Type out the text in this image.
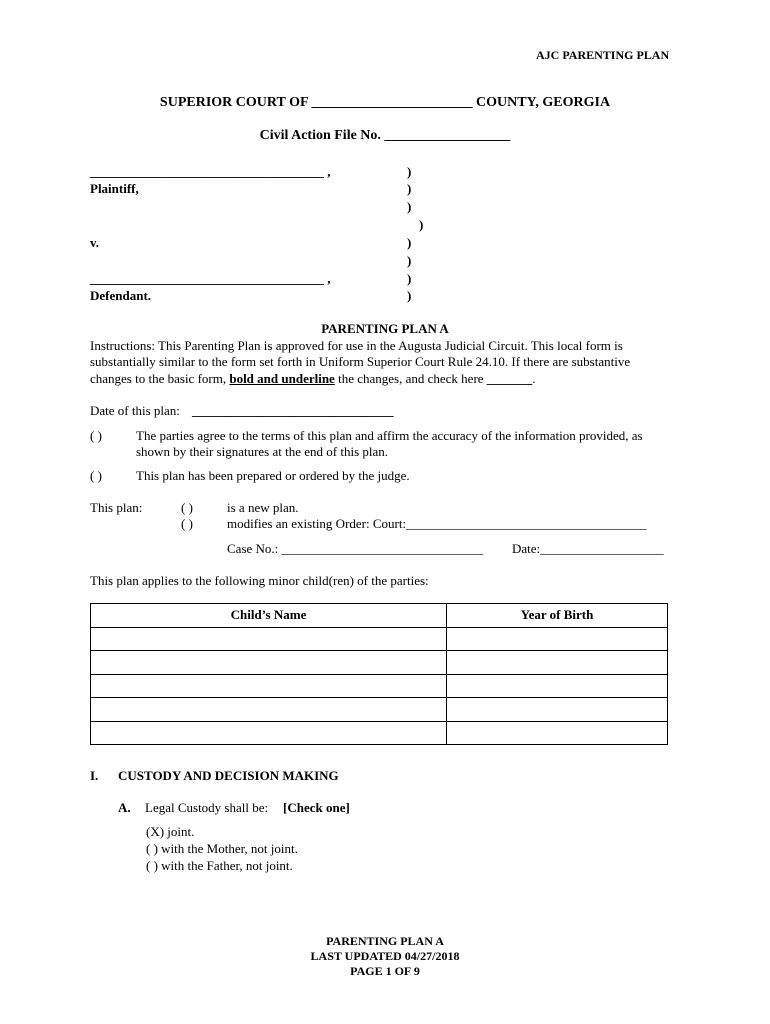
AJC PARENTING PLAN
SUPERIOR COURT OF _______________________ COUNTY, GEORGIA
Civil Action File No. __________________
____________________________________ ,
Plaintiff,
v.
____________________________________ ,
Defendant.
)
)
)
)
)
)
)
)
PARENTING PLAN A
Instructions: This Parenting Plan is approved for use in the Augusta Judicial Circuit. This local form is
substantially similar to the form set forth in Uniform Superior Court Rule 24.10. If there are substantive
changes to the basic form, bold and underline the changes, and check here _______.
Date of this plan: _______________________________
( )	The parties agree to the terms of this plan and affirm the accuracy of the information provided, as
shown by their signatures at the end of this plan.
( )	This plan has been prepared or ordered by the judge.
This plan:	( )	is a new plan.
( )	modifies an existing Order: Court:_____________________________________
Case No.: _______________________________ Date:___________________
This plan applies to the following minor child(ren) of the parties:
Child’s Name	Year of Birth

I. CUSTODY AND DECISION MAKING
A. Legal Custody shall be: [Check one]
(X) joint.
( ) with the Mother, not joint.
( ) with the Father, not joint.
PARENTING PLAN A
LAST UPDATED 04/27/2018
PAGE 1 OF 9
